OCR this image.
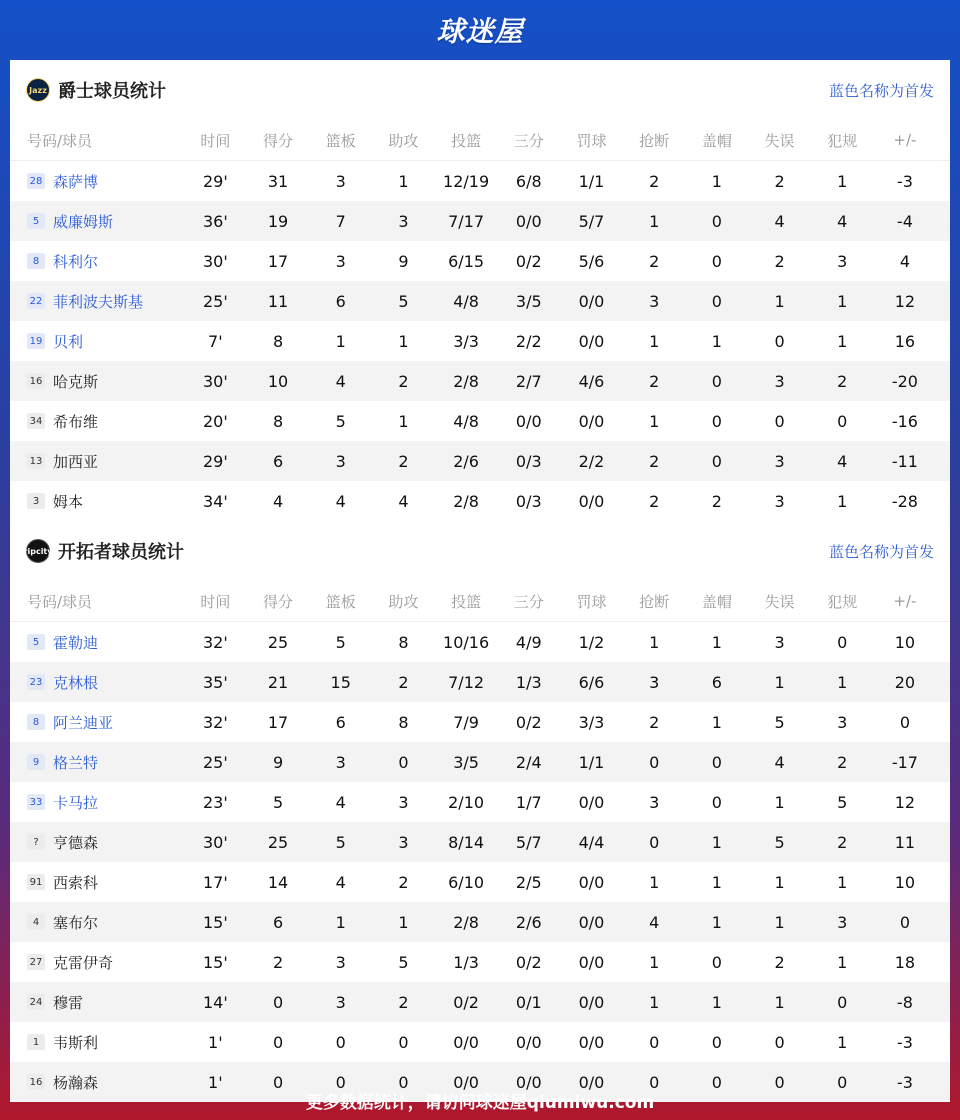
球迷屋
Jazz 爵士球员统计	蓝色名称为首发
号码/球员	时间	得分	篮板	助攻	投篮	三分	罚球	抢断	盖帽	失误	犯规	+/-
28 森萨博	29'	31	3	1	12/19	6/8	1/1	2	1	2	1	-3
5 威廉姆斯	36'	19	7	3	7/17	0/0	5/7	1	0	4	4	-4
8 科利尔	30'	17	3	9	6/15	0/2	5/6	2	0	2	3	4
22 菲利波夫斯基	25'	11	6	5	4/8	3/5	0/0	3	0	1	1	12
19 贝利	7'	8	1	1	3/3	2/2	0/0	1	1	0	1	16
16 哈克斯	30'	10	4	2	2/8	2/7	4/6	2	0	3	2	-20
34 希布维	20'	8	5	1	4/8	0/0	0/0	1	0	0	0	-16
13 加西亚	29'	6	3	2	2/6	0/3	2/2	2	0	3	4	-11
3 姆本	34'	4	4	4	2/8	0/3	0/0	2	2	3	1	-28
ripcity 开拓者球员统计	蓝色名称为首发
号码/球员	时间	得分	篮板	助攻	投篮	三分	罚球	抢断	盖帽	失误	犯规	+/-
5 霍勒迪	32'	25	5	8	10/16	4/9	1/2	1	1	3	0	10
23 克林根	35'	21	15	2	7/12	1/3	6/6	3	6	1	1	20
8 阿兰迪亚	32'	17	6	8	7/9	0/2	3/3	2	1	5	3	0
9 格兰特	25'	9	3	0	3/5	2/4	1/1	0	0	4	2	-17
33 卡马拉	23'	5	4	3	2/10	1/7	0/0	3	0	1	5	12
? 亨德森	30'	25	5	3	8/14	5/7	4/4	0	1	5	2	11
91 西索科	17'	14	4	2	6/10	2/5	0/0	1	1	1	1	10
4 塞布尔	15'	6	1	1	2/8	2/6	0/0	4	1	1	3	0
27 克雷伊奇	15'	2	3	5	1/3	0/2	0/0	1	0	2	1	18
24 穆雷	14'	0	3	2	0/2	0/1	0/0	1	1	1	0	-8
1 韦斯利	1'	0	0	0	0/0	0/0	0/0	0	0	0	1	-3
16 杨瀚森	1'	0	0	0	0/0	0/0	0/0	0	0	0	0	-3
更多数据统计，请访问球迷屋qiumiwu.com
